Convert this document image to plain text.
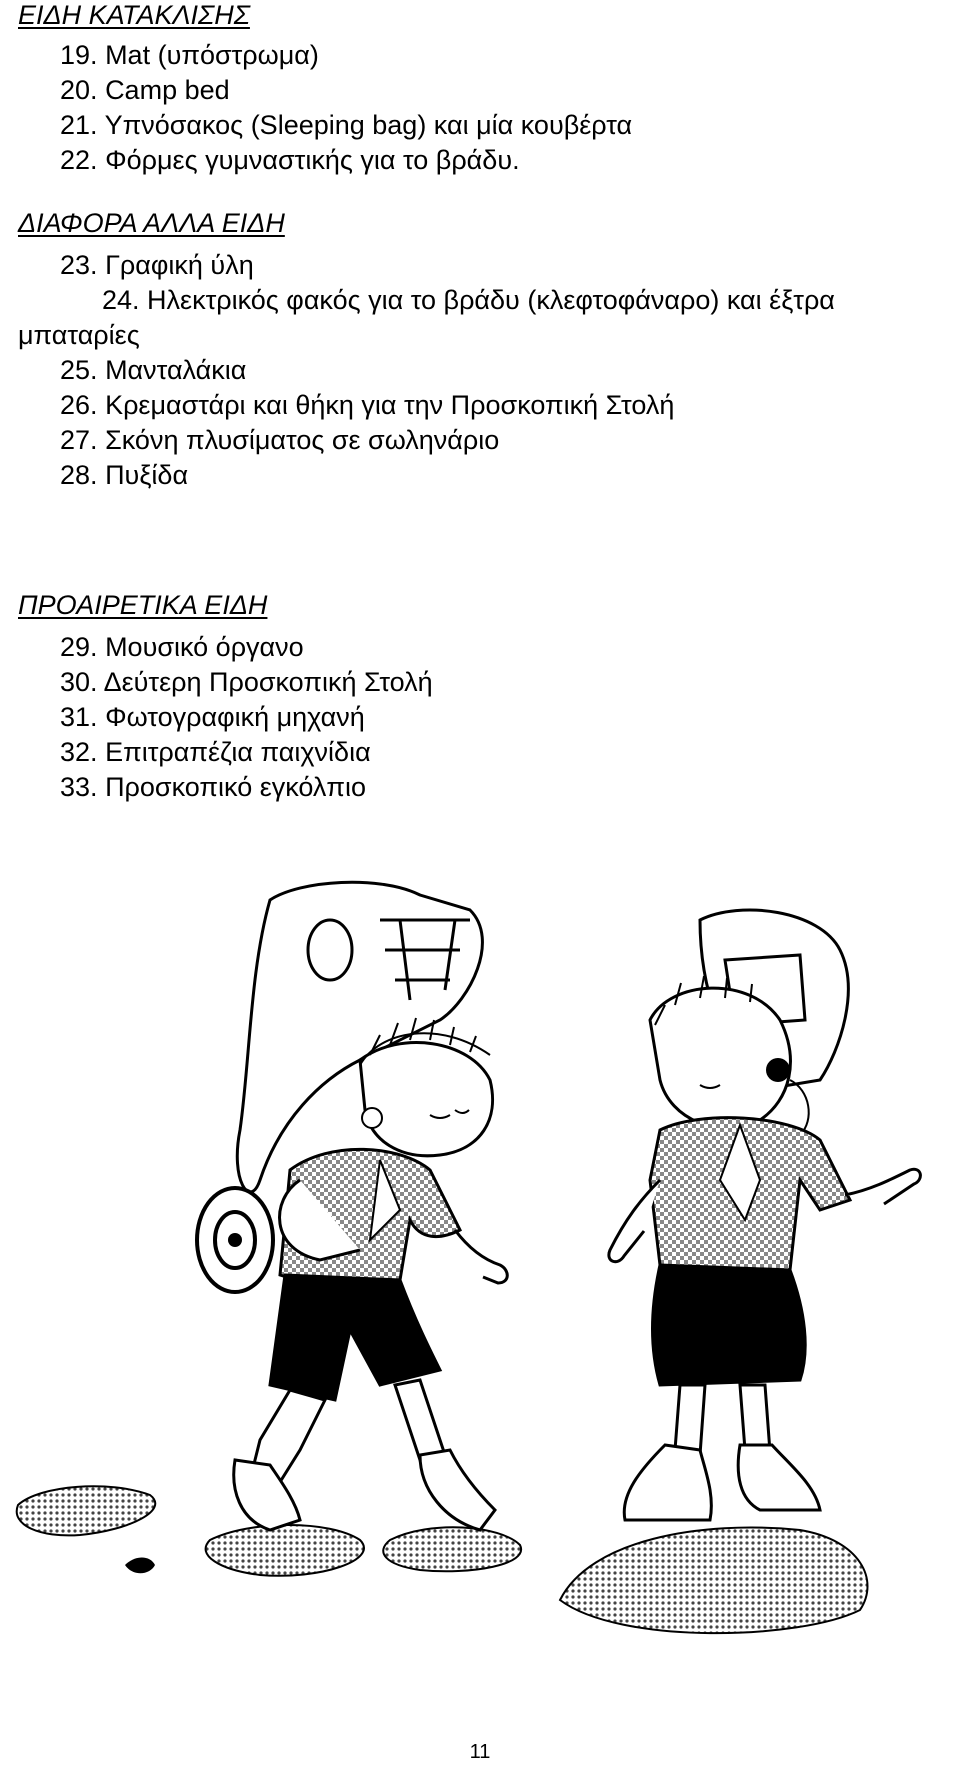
ΕΙΔΗ ΚΑΤΑΚΛΙΣΗΣ
19. Mat (υπόστρωμα)
20. Camp bed
21. Υπνόσακος (Sleeping bag) και μία κουβέρτα
22. Φόρμες γυμναστικής για το βράδυ.
ΔΙΑΦΟΡΑ ΑΛΛΑ ΕΙΔΗ
23. Γραφική ύλη
24. Ηλεκτρικός φακός για το βράδυ (κλεφτοφάναρο) και έξτρα
μπαταρίες
25. Μανταλάκια
26. Κρεμαστάρι και θήκη για την Προσκοπική Στολή
27. Σκόνη πλυσίματος σε σωληνάριο
28. Πυξίδα
ΠΡΟΑΙΡΕΤΙΚΑ ΕΙΔΗ
29. Μουσικό όργανο
30. Δεύτερη Προσκοπική Στολή
31. Φωτογραφική μηχανή
32. Επιτραπέζια παιχνίδια
33. Προσκοπικό εγκόλπιο
11
